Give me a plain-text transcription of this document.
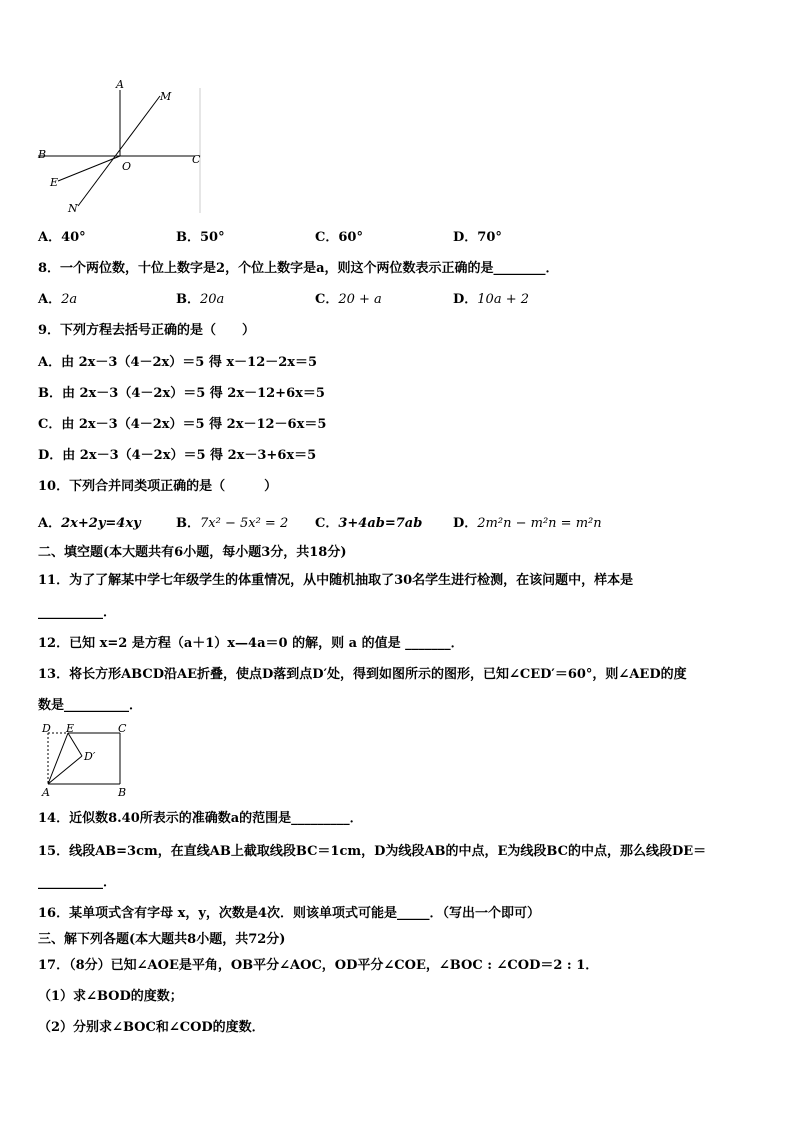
A
M
B	C
O
E
N
A．40°	B．50°	C．60°	D．70°
8．一个两位数，十位上数字是2，个位上数字是a，则这个两位数表示正确的是________．
A．2a	B．20a	C．20 + a	D．10a + 2
9．下列方程去括号正确的是（　　）
A．由 2x－3（4－2x）＝5 得 x－12－2x＝5
B．由 2x－3（4－2x）＝5 得 2x－12+6x＝5
C．由 2x－3（4－2x）＝5 得 2x－12－6x＝5
D．由 2x－3（4－2x）＝5 得 2x－3+6x＝5
10．下列合并同类项正确的是（　　　）
A．2x+2y=4xy	B．7x² − 5x² = 2 C．3+4ab=7ab D．2m²n − m²n = m²n
二、填空题(本大题共有6小题，每小题3分，共18分)
11．为了了解某中学七年级学生的体重情况，从中随机抽取了30名学生进行检测，在该问题中，样本是
__________．
12．已知 x=2 是方程（a＋1）x—4a＝0 的解，则 a 的值是 _______．
13．将长方形ABCD沿AE折叠，使点D落到点D′处，得到如图所示的图形，已知∠CED′＝60°，则∠AED的度
数是__________．
D E	C
D′
A	B
14．近似数8.40所表示的准确数a的范围是_________．
15．线段AB=3cm，在直线AB上截取线段BC＝1cm，D为线段AB的中点，E为线段BC的中点，那么线段DE＝
__________．
16．某单项式含有字母 x，y，次数是4次．则该单项式可能是_____．（写出一个即可）
三、解下列各题(本大题共8小题，共72分)
17．（8分）已知∠AOE是平角，OB平分∠AOC，OD平分∠COE，∠BOC : ∠COD＝2 : 1．
（1）求∠BOD的度数；
（2）分别求∠BOC和∠COD的度数．
